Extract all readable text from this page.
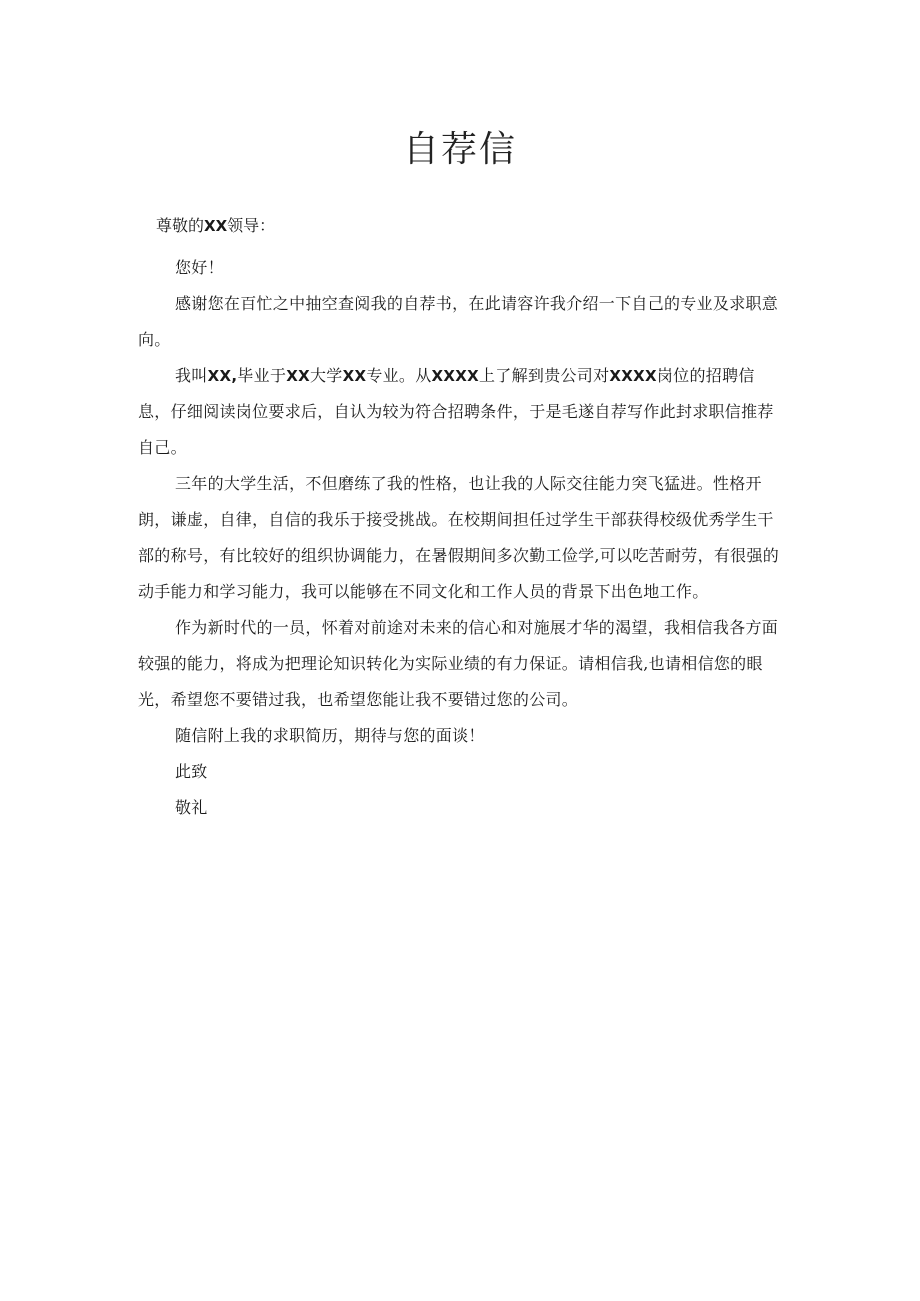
自荐信
尊敬的XX领导：

您好！

感谢您在百忙之中抽空查阅我的自荐书，在此请容许我介绍一下自己的专业及求职意向。

我叫XX,毕业于XX大学XX专业。从XXXX上了解到贵公司对XXXX岗位的招聘信息，仔细阅读岗位要求后，自认为较为符合招聘条件，于是毛遂自荐写作此封求职信推荐自己。

三年的大学生活，不但磨练了我的性格，也让我的人际交往能力突飞猛进。性格开朗，谦虚，自律，自信的我乐于接受挑战。在校期间担任过学生干部获得校级优秀学生干部的称号，有比较好的组织协调能力，在暑假期间多次勤工俭学,可以吃苦耐劳，有很强的动手能力和学习能力，我可以能够在不同文化和工作人员的背景下出色地工作。

作为新时代的一员，怀着对前途对未来的信心和对施展才华的渴望，我相信我各方面较强的能力，将成为把理论知识转化为实际业绩的有力保证。请相信我,也请相信您的眼光，希望您不要错过我，也希望您能让我不要错过您的公司。

随信附上我的求职简历，期待与您的面谈！

此致

敬礼
